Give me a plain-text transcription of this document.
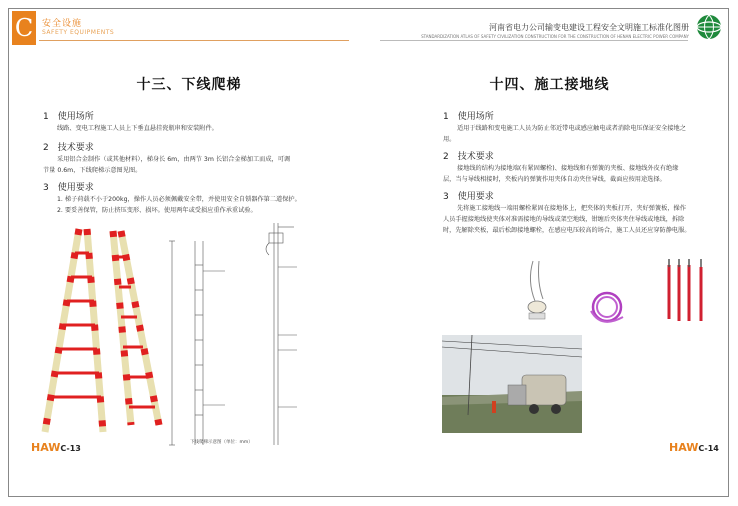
C 安全设施
SAFETY EQUIPMENTS
十三、下线爬梯
1　使用场所
线路、变电工程施工人员上下垂直悬挂瓷瓶串和安装附件。
2　技术要求
采用铝合金制作（或其他材料），梯身长 6m，由两节 3m 长铝合金梯加工而成，可调
节量 0.6m，下线爬梯示意图见图。
3　使用要求
1. 梯子荷载不小于200kg，操作人员必须佩戴安全带，并使用安全自锁器作第二道保护。
2. 要妥善保管，防止挤压变形、损坏。使用两年或受损应重作承重试验。
下线爬梯示意图（单位：mm）
HAWC-13
河南省电力公司输变电建设工程安全文明施工标准化图册
STANDARDIZATION ATLAS OF SAFETY CIVILIZATION CONSTRUCTION FOR THE CONSTRUCTION OF HENAN ELECTRIC POWER COMPANY
十四、施工接地线
1　使用场所
适用于线路和变电施工人员为防止邻近带电或感应触电或者消除电压保证安全接地之
用。
2　技术要求
接地线的结构为接地端(有紧固螺栓)、接地线和有弹簧的夹板、接地线外皮有绝缘
层，当与导线相接时，夹板内的弹簧作用夹体自动夹住导线，截面应按用途选择。
3　使用要求
先将施工接地线一端用螺栓紧固在接地体上，把夹体的夹板打开，夹好弹簧板，操作
人员手握接地线使夹体对准需接地的导线或架空地线，钳缠后夹体夹住导线或地线，拆除
时，先解除夹板，最后松卸接地螺栓，在感应电压较高的场合，施工人员还应穿防静电服。
HAWC-14
